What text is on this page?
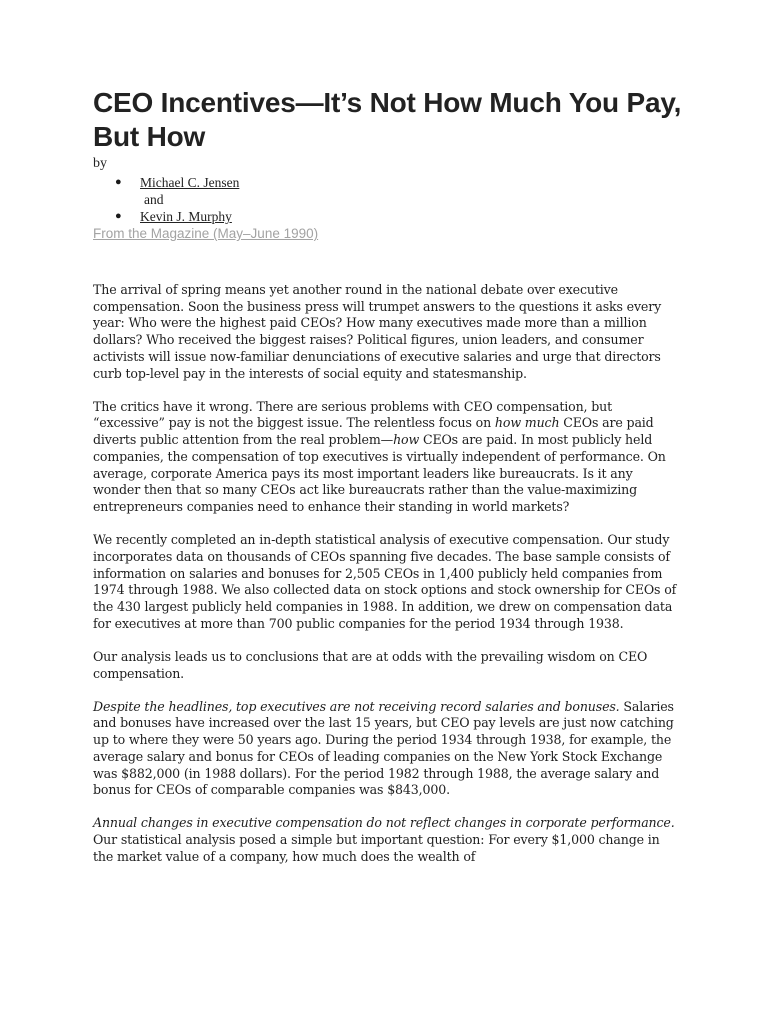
CEO Incentives—It’s Not How Much You Pay, But How
by
● Michael C. Jensen
and
● Kevin J. Murphy
From the Magazine (May–June 1990)

The arrival of spring means yet another round in the national debate over executive compensation. Soon the business press will trumpet answers to the questions it asks every year: Who were the highest paid CEOs? How many executives made more than a million dollars? Who received the biggest raises? Political figures, union leaders, and consumer activists will issue now-familiar denunciations of executive salaries and urge that directors curb top-level pay in the interests of social equity and statesmanship.

The critics have it wrong. There are serious problems with CEO compensation, but “excessive” pay is not the biggest issue. The relentless focus on how much CEOs are paid diverts public attention from the real problem—how CEOs are paid. In most publicly held companies, the compensation of top executives is virtually independent of performance. On average, corporate America pays its most important leaders like bureaucrats. Is it any wonder then that so many CEOs act like bureaucrats rather than the value-maximizing entrepreneurs companies need to enhance their standing in world markets?

We recently completed an in-depth statistical analysis of executive compensation. Our study incorporates data on thousands of CEOs spanning five decades. The base sample consists of information on salaries and bonuses for 2,505 CEOs in 1,400 publicly held companies from 1974 through 1988. We also collected data on stock options and stock ownership for CEOs of the 430 largest publicly held companies in 1988. In addition, we drew on compensation data for executives at more than 700 public companies for the period 1934 through 1938.

Our analysis leads us to conclusions that are at odds with the prevailing wisdom on CEO compensation.

Despite the headlines, top executives are not receiving record salaries and bonuses. Salaries and bonuses have increased over the last 15 years, but CEO pay levels are just now catching up to where they were 50 years ago. During the period 1934 through 1938, for example, the average salary and bonus for CEOs of leading companies on the New York Stock Exchange was $882,000 (in 1988 dollars). For the period 1982 through 1988, the average salary and bonus for CEOs of comparable companies was $843,000.

Annual changes in executive compensation do not reflect changes in corporate performance. Our statistical analysis posed a simple but important question: For every $1,000 change in the market value of a company, how much does the wealth of
